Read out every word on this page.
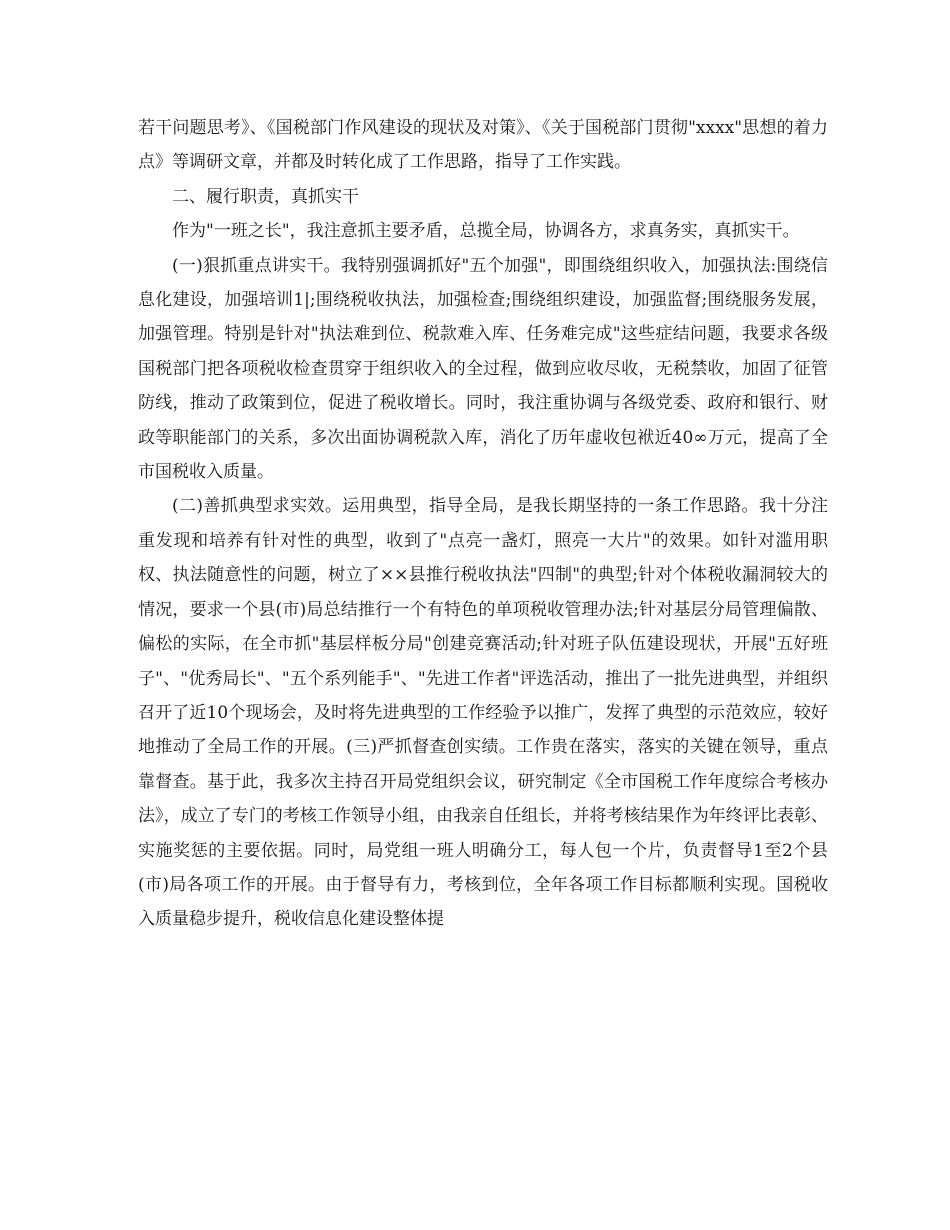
若干问题思考》、《国税部门作风建设的现状及对策》、《关于国税部门贯彻"xxxx"思想的着力点》等调研文章，并都及时转化成了工作思路，指导了工作实践。

二、履行职责，真抓实干

作为"一班之长"，我注意抓主要矛盾，总揽全局，协调各方，求真务实，真抓实干。

(一)狠抓重点讲实干。我特别强调抓好"五个加强"，即围绕组织收入，加强执法:围绕信息化建设，加强培训1|;围绕税收执法，加强检查;围绕组织建设，加强监督;围绕服务发展，加强管理。特别是针对"执法难到位、税款难入库、任务难完成"这些症结问题，我要求各级国税部门把各项税收检查贯穿于组织收入的全过程，做到应收尽收，无税禁收，加固了征管防线，推动了政策到位，促进了税收增长。同时，我注重协调与各级党委、政府和银行、财政等职能部门的关系，多次出面协调税款入库，消化了历年虚收包袱近40∞万元，提高了全市国税收入质量。

(二)善抓典型求实效。运用典型，指导全局，是我长期坚持的一条工作思路。我十分注重发现和培养有针对性的典型，收到了"点亮一盏灯，照亮一大片"的效果。如针对滥用职权、执法随意性的问题，树立了××县推行税收执法"四制"的典型;针对个体税收漏洞较大的情况，要求一个县(市)局总结推行一个有特色的单项税收管理办法;针对基层分局管理偏散、偏松的实际，在全市抓"基层样板分局"创建竞赛活动;针对班子队伍建设现状，开展"五好班子"、"优秀局长"、"五个系列能手"、"先进工作者"评选活动，推出了一批先进典型，并组织召开了近10个现场会，及时将先进典型的工作经验予以推广，发挥了典型的示范效应，较好地推动了全局工作的开展。(三)严抓督查创实绩。工作贵在落实，落实的关键在领导，重点靠督查。基于此，我多次主持召开局党组织会议，研究制定《全市国税工作年度综合考核办法》，成立了专门的考核工作领导小组，由我亲自任组长，并将考核结果作为年终评比表彰、实施奖惩的主要依据。同时，局党组一班人明确分工，每人包一个片，负责督导1至2个县(市)局各项工作的开展。由于督导有力，考核到位，全年各项工作目标都顺利实现。国税收入质量稳步提升，税收信息化建设整体提
